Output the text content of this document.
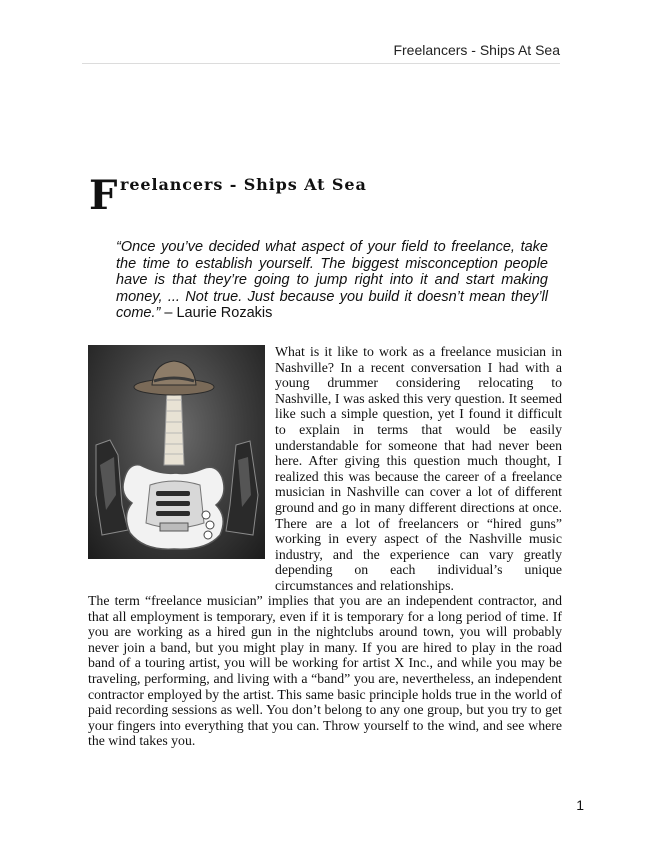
Freelancers - Ships At Sea
F reelancers - Ships At Sea
“Once you’ve decided what aspect of your field to freelance, take the time to establish yourself. The biggest misconception people have is that they’re going to jump right into it and start making money, ... Not true. Just because you build it doesn’t mean they’ll come.” – Laurie Rozakis

What is it like to work as a freelance musician in Nashville? In a recent conversation I had with a young drummer considering relocating to Nashville, I was asked this very question. It seemed like such a simple question, yet I found it difficult to explain in terms that would be easily understandable for someone that had never been here. After giving this question much thought, I realized this was because the career of a freelance musician in Nashville can cover a lot of different ground and go in many different directions at once. There are a lot of freelancers or “hired guns” working in every aspect of the Nashville music industry, and the experience can vary greatly depending on each individual’s unique circumstances and relationships.

The term “freelance musician” implies that you are an independent contractor, and that all employment is temporary, even if it is temporary for a long period of time. If you are working as a hired gun in the nightclubs around town, you will probably never join a band, but you might play in many. If you are hired to play in the road band of a touring artist, you will be working for artist X Inc., and while you may be traveling, performing, and living with a “band” you are, nevertheless, an independent contractor employed by the artist. This same basic principle holds true in the world of paid recording sessions as well. You don’t belong to any one group, but you try to get your fingers into everything that you can. Throw yourself to the wind, and see where the wind takes you.

1
